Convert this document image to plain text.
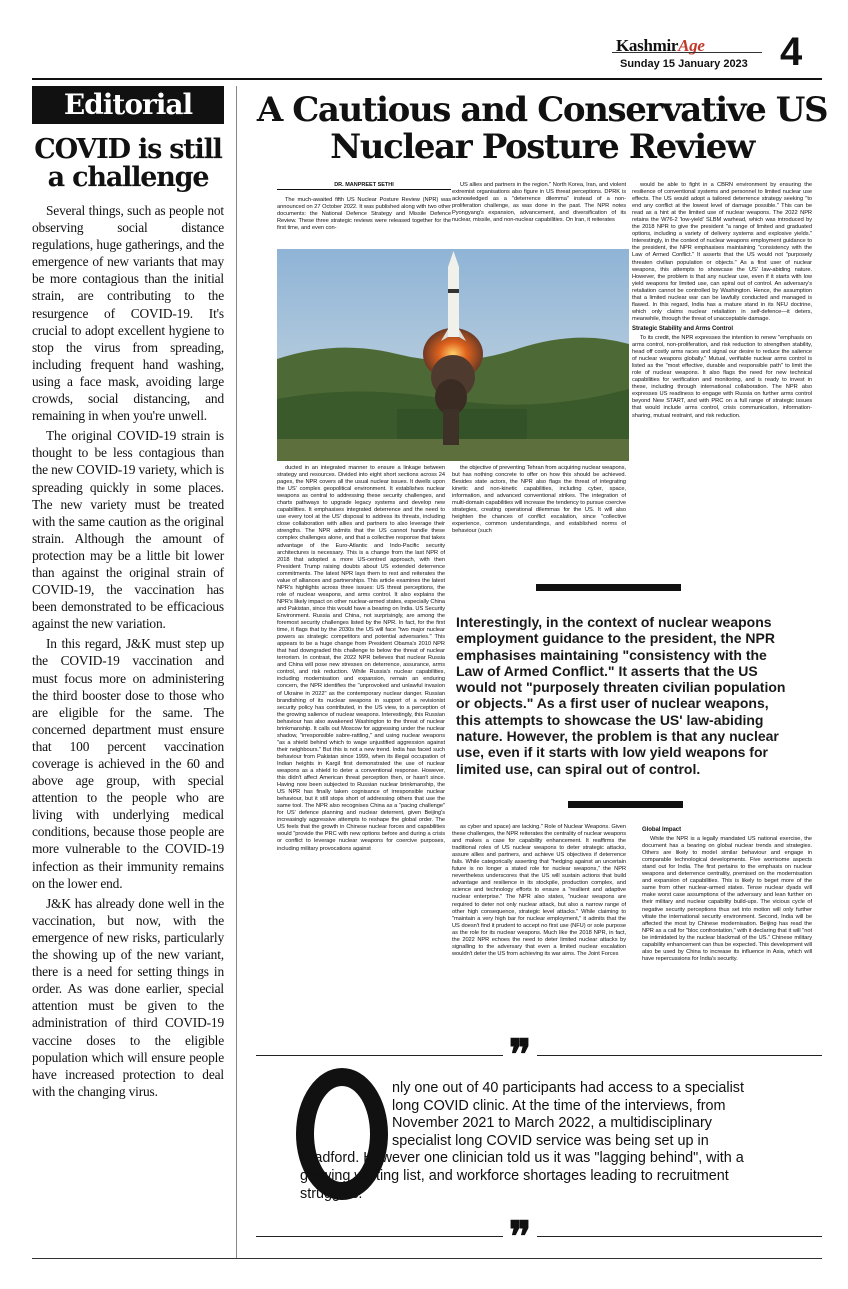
KashmirAge
Sunday 15 January 2023 4
Editorial
COVID is still a challenge

Several things, such as people not observing social distance regulations, huge gatherings, and the emergence of new variants that may be more contagious than the initial strain, are contributing to the resurgence of COVID-19. It's crucial to adopt excellent hygiene to stop the virus from spreading, including frequent hand washing, using a face mask, avoiding large crowds, social distancing, and remaining in when you're unwell.

The original COVID-19 strain is thought to be less contagious than the new COVID-19 variety, which is spreading quickly in some places. The new variety must be treated with the same caution as the original strain. Although the amount of protection may be a little bit lower than against the original strain of COVID-19, the vaccination has been demonstrated to be efficacious against the new variation.

In this regard, J&K must step up the COVID-19 vaccination and must focus more on administering the third booster dose to those who are eligible for the same. The concerned department must ensure that 100 percent vaccination coverage is achieved in the 60 and above age group, with special attention to the people who are living with underlying medical conditions, because those people are more vulnerable to the COVID-19 infection as their immunity remains on the lower end.

J&K has already done well in the vaccination, but now, with the emergence of new risks, particularly the showing up of the new variant, there is a need for setting things in order. As was done earlier, special attention must be given to the administration of third COVID-19 vaccine doses to the eligible population which will ensure people have increased protection to deal with the changing virus.

A Cautious and Conservative US Nuclear Posture Review
DR. MANPREET SETHI

The much-awaited fifth US Nuclear Posture Review (NPR) was announced on 27 October 2022. It was published along with two other documents: the National Defence Strategy and Missile Defence Review. These three strategic reviews were released together for the first time, and even con-

US allies and partners in the region." North Korea, Iran, and violent extremist organisations also figure in US threat perceptions. DPRK is acknowledged as a "deterrence dilemma" instead of a non-proliferation challenge, as was done in the past. The NPR notes Pyongyang's expansion, advancement, and diversification of its nuclear, missile, and non-nuclear capabilities. On Iran, it reiterates

would be able to fight in a CBRN environment by ensuring the resilience of conventional systems and personnel to limited nuclear use effects. The US would adopt a tailored deterrence strategy seeking "to end any conflict at the lowest level of damage possible." This can be read as a hint at the limited use of nuclear weapons. The 2022 NPR retains the W76-2 'low-yield' SLBM warhead, which was introduced by the 2018 NPR to give the president "a range of limited and graduated options, including a variety of delivery systems and explosive yields." Interestingly, in the context of nuclear weapons employment guidance to the president, the NPR emphasises maintaining "consistency with the Law of Armed Conflict." It asserts that the US would not "purposely threaten civilian population or objects." As a first user of nuclear weapons, this attempts to showcase the US' law-abiding nature. However, the problem is that any nuclear use, even if it starts with low yield weapons for limited use, can spiral out of control. An adversary's retaliation cannot be controlled by Washington. Hence, the assumption that a limited nuclear war can be lawfully conducted and managed is flawed. In this regard, India has a mature stand in its NFU doctrine, which only claims nuclear retaliation in self-defence—it deters, meanwhile, through the threat of unacceptable damage.

Strategic Stability and Arms Control

To its credit, the NPR expresses the intention to renew "emphasis on arms control, non-proliferation, and risk reduction to strengthen stability, head off costly arms races and signal our desire to reduce the salience of nuclear weapons globally." Mutual, verifiable nuclear arms control is listed as the "most effective, durable and responsible path" to limit the role of nuclear weapons. It also flags the need for new technical capabilities for verification and monitoring, and is ready to invest in these, including through international collaboration. The NPR also expresses US readiness to engage with Russia on further arms control beyond New START, and with PRC on a full range of strategic issues that would include arms control, crisis communication, information-sharing, mutual restraint, and risk reduction.

ducted in an integrated manner to ensure a linkage between strategy and resources. Divided into eight short sections across 24 pages, the NPR covers all the usual nuclear issues. It dwells upon the US' complex geopolitical environment. It establishes nuclear weapons as central to addressing these security challenges, and charts pathways to upgrade legacy systems and develop new capabilities. It emphasises integrated deterrence and the need to use every tool at the US' disposal to address its threats, including close collaboration with allies and partners to also leverage their strengths. The NPR admits that the US cannot handle these complex challenges alone, and that a collective response that takes advantage of the Euro-Atlantic and Indo-Pacific security architectures is necessary. This is a change from the last NPR of 2018 that adopted a more US-centred approach, with then President Trump raising doubts about US extended deterrence commitments. The latest NPR lays them to rest and reiterates the value of alliances and partnerships. This article examines the latest NPR's highlights across three issues: US threat perceptions, the role of nuclear weapons, and arms control. It also explains the NPR's likely impact on other nuclear-armed states, especially China and Pakistan, since this would have a bearing on India. US Security Environment. Russia and China, not surprisingly, are among the foremost security challenges listed by the NPR. In fact, for the first time, it flags that by the 2030s the US will face "two major nuclear powers as strategic competitors and potential adversaries." This appears to be a huge change from President Obama's 2010 NPR that had downgraded this challenge to below the threat of nuclear terrorism. In contrast, the 2022 NPR believes that nuclear Russia and China will pose new stresses on deterrence, assurance, arms control, and risk reduction. While Russia's nuclear capabilities, including modernisation and expansion, remain an enduring concern, the NPR identifies the "unprovoked and unlawful invasion of Ukraine in 2022" as the contemporary nuclear danger. Russian brandishing of its nuclear weapons in support of a revisionist security policy has contributed, in the US view, to a perception of the growing salience of nuclear weapons. Interestingly, this Russian behaviour has also awakened Washington to the threat of nuclear brinkmanship. It calls out Moscow for aggressing under the nuclear shadow, "irresponsible sabre-rattling," and using nuclear weapons "as a shield behind which to wage unjustified aggression against their neighbours." But this is not a new trend. India has faced such behaviour from Pakistan since 1999, when its illegal occupation of Indian heights in Kargil first demonstrated the use of nuclear weapons as a shield to deter a conventional response. However, this didn't affect American threat perception then, or hasn't since. Having now been subjected to Russian nuclear brinkmanship, the US NPR has finally taken cognisance of irresponsible nuclear behaviour, but it still stops short of addressing others that use the same tool. The NPR also recognises China as a "pacing challenge" for US' defence planning and nuclear deterrent, given Beijing's increasingly aggressive attempts to reshape the global order. The US feels that the growth in Chinese nuclear forces and capabilities would "provide the PRC with new options before and during a crisis or conflict to leverage nuclear weapons for coercive purposes, including military provocations against

the objective of preventing Tehran from acquiring nuclear weapons, but has nothing concrete to offer on how this should be achieved. Besides state actors, the NPR also flags the threat of integrating kinetic and non-kinetic capabilities, including cyber, space, information, and advanced conventional strikes. The integration of multi-domain capabilities will increase the tendency to pursue coercive strategies, creating operational dilemmas for the US. It will also heighten the chances of conflict escalation, since "collective experience, common understandings, and established norms of behaviour (such

Interestingly, in the context of nuclear weapons employment guidance to the president, the NPR emphasises maintaining "consistency with the Law of Armed Conflict." It asserts that the US would not "purposely threaten civilian population or objects." As a first user of nuclear weapons, this attempts to showcase the US' law-abiding nature. However, the problem is that any nuclear use, even if it starts with low yield weapons for limited use, can spiral out of control.

as cyber and space) are lacking." Role of Nuclear Weapons. Given these challenges, the NPR reiterates the centrality of nuclear weapons and makes a case for capability enhancement. It reaffirms the traditional roles of US nuclear weapons to deter strategic attacks, assure allies and partners, and achieve US objectives if deterrence fails. While categorically asserting that "hedging against an uncertain future is no longer a stated role for nuclear weapons," the NPR nevertheless underscores that the US will sustain actions that build advantage and resilience in its stockpile, production complex, and science and technology efforts to ensure a "resilient and adaptive nuclear enterprise." The NPR also states, "nuclear weapons are required to deter not only nuclear attack, but also a narrow range of other high consequence, strategic level attacks." While claiming to "maintain a very high bar for nuclear employment," it admits that the US doesn't find it prudent to accept no first use (NFU) or sole purpose as the role for its nuclear weapons. Much like the 2018 NPR, in fact, the 2022 NPR echoes the need to deter limited nuclear attacks by signalling to the adversary that even a limited nuclear escalation wouldn't deter the US from achieving its war aims. The Joint Forces

Global Impact

While the NPR is a legally mandated US national exercise, the document has a bearing on global nuclear trends and strategies. Others are likely to model similar behaviour and engage in comparable technological developments. Five worrisome aspects stand out for India. The first pertains to the emphasis on nuclear weapons and deterrence centrality, premised on the modernisation and expansion of capabilities. This is likely to beget more of the same from other nuclear-armed states. Tense nuclear dyads will make worst case assumptions of the adversary and lean further on their military and nuclear capability build-ups. The vicious cycle of negative security perceptions thus set into motion will only further vitiate the international security environment. Second, India will be affected the most by Chinese modernisation. Beijing has read the NPR as a call for "bloc confrontation," with it declaring that it will "not be intimidated by the nuclear blackmail of the US." Chinese military capability enhancement can thus be expected. This development will also be used by China to increase its influence in Asia, which will have repercussions for India's security.

❞
❞
nly one out of 40 participants had access to a specialist long COVID clinic. At the time of the interviews, from November 2021 to March 2022, a multidisciplinary specialist long COVID service was being set up in Bradford. However one clinician told us it was "lagging behind", with a growing waiting list, and workforce shortages leading to recruitment struggles.
